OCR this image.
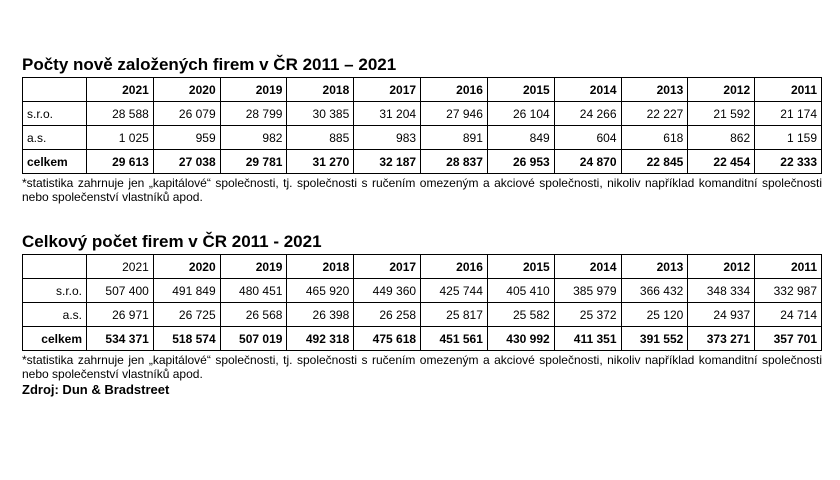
Počty nově založených firem v ČR 2011 – 2021
	2021	2020	2019	2018	2017	2016	2015	2014	2013	2012	2011
s.r.o.	28 588	26 079	28 799	30 385	31 204	27 946	26 104	24 266	22 227	21 592	21 174
a.s.	1 025	959	982	885	983	891	849	604	618	862	1 159
celkem	29 613	27 038	29 781	31 270	32 187	28 837	26 953	24 870	22 845	22 454	22 333
*statistika zahrnuje jen „kapitálové“ společnosti, tj. společnosti s ručením omezeným a akciové společnosti, nikoliv například komanditní společnosti nebo společenství vlastníků apod.
Celkový počet firem v ČR 2011 - 2021
	2021	2020	2019	2018	2017	2016	2015	2014	2013	2012	2011
s.r.o.	507 400	491 849	480 451	465 920	449 360	425 744	405 410	385 979	366 432	348 334	332 987
a.s.	26 971	26 725	26 568	26 398	26 258	25 817	25 582	25 372	25 120	24 937	24 714
celkem	534 371	518 574	507 019	492 318	475 618	451 561	430 992	411 351	391 552	373 271	357 701
*statistika zahrnuje jen „kapitálové“ společnosti, tj. společnosti s ručením omezeným a akciové společnosti, nikoliv například komanditní společnosti nebo společenství vlastníků apod.
Zdroj: Dun & Bradstreet
